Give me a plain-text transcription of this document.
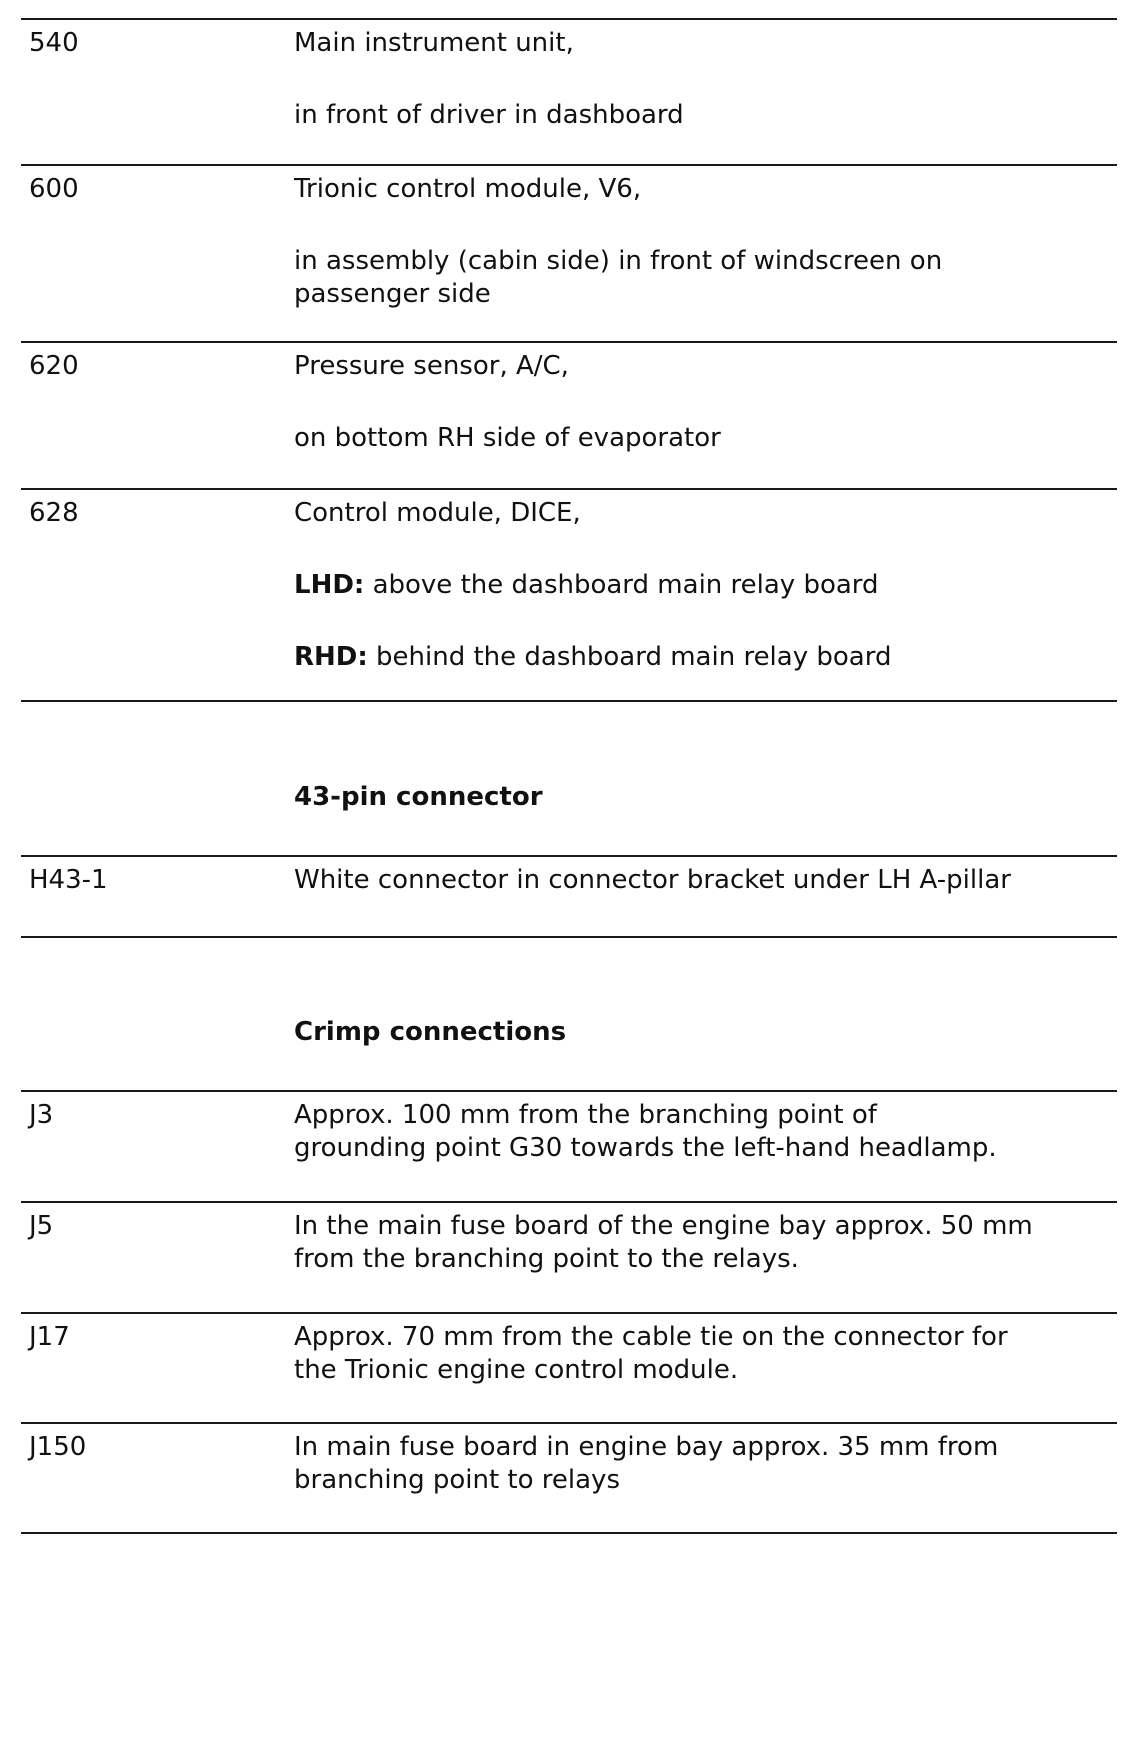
540	Main instrument unit,
in front of driver in dashboard
600	Trionic control module, V6,
in assembly (cabin side) in front of windscreen on passenger side
620	Pressure sensor, A/C,
on bottom RH side of evaporator
628	Control module, DICE,
LHD: above the dashboard main relay board
RHD: behind the dashboard main relay board
43-pin connector
H43-1	White connector in connector bracket under LH A-pillar
Crimp connections
J3	Approx. 100 mm from the branching point of grounding point G30 towards the left-hand headlamp.
J5	In the main fuse board of the engine bay approx. 50 mm from the branching point to the relays.
J17	Approx. 70 mm from the cable tie on the connector for the Trionic engine control module.
J150	In main fuse board in engine bay approx. 35 mm from branching point to relays
